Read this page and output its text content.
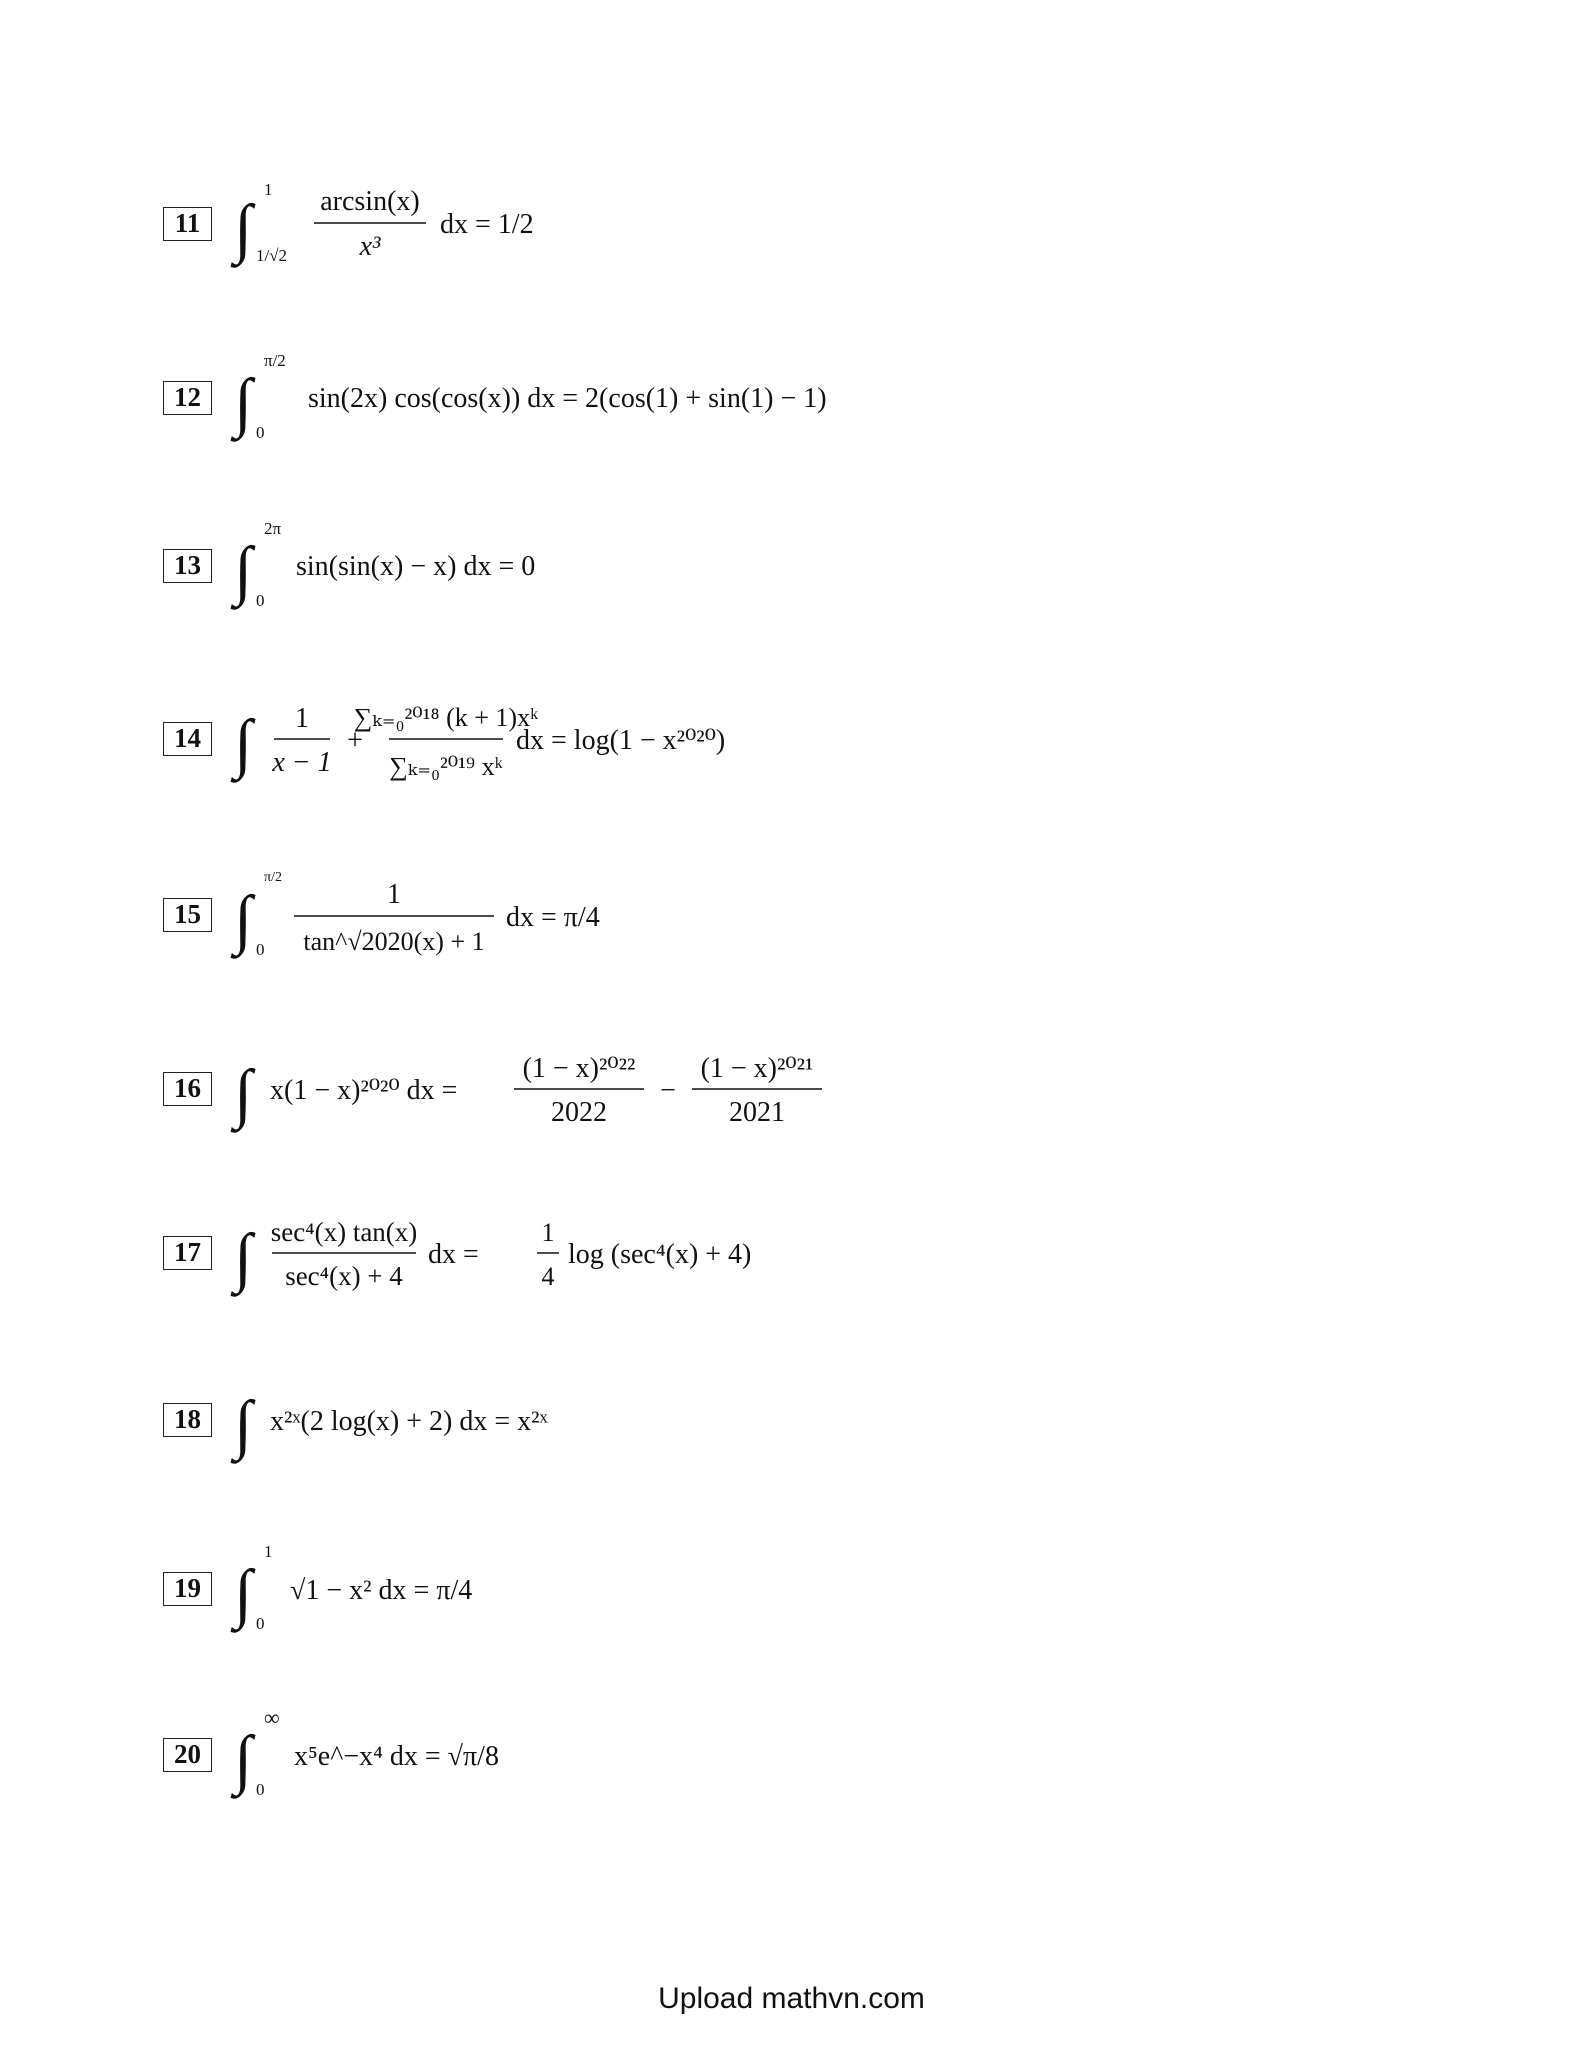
11 ∫
1
1/√2
arcsin(x)
x³
dx = 1/2
12 ∫
π/2
0
sin(2x) cos(cos(x)) dx = 2(cos(1) + sin(1) − 1)
13 ∫
2π
0
sin(sin(x) − x) dx = 0
14 ∫ 1
x − 1
+
∑ₖ₌₀²⁰¹⁸ (k + 1)xᵏ
∑ₖ₌₀²⁰¹⁹ xᵏ
dx = log(1 − x²⁰²⁰)
15 ∫
π/2
0
1
tan^√2020(x) + 1
dx = π/4
16 ∫ x(1 − x)²⁰²⁰ dx =
(1 − x)²⁰²²
2022
−
(1 − x)²⁰²¹
2021
17 ∫ sec⁴(x) tan(x)
sec⁴(x) + 4
dx =
1
4
log (sec⁴(x) + 4)
18 ∫ x²ˣ(2 log(x) + 2) dx = x²ˣ
19 ∫
1
0
√1 − x² dx = π/4
20 ∫
∞
0
x⁵e^−x⁴ dx = √π/8
Upload mathvn.com
